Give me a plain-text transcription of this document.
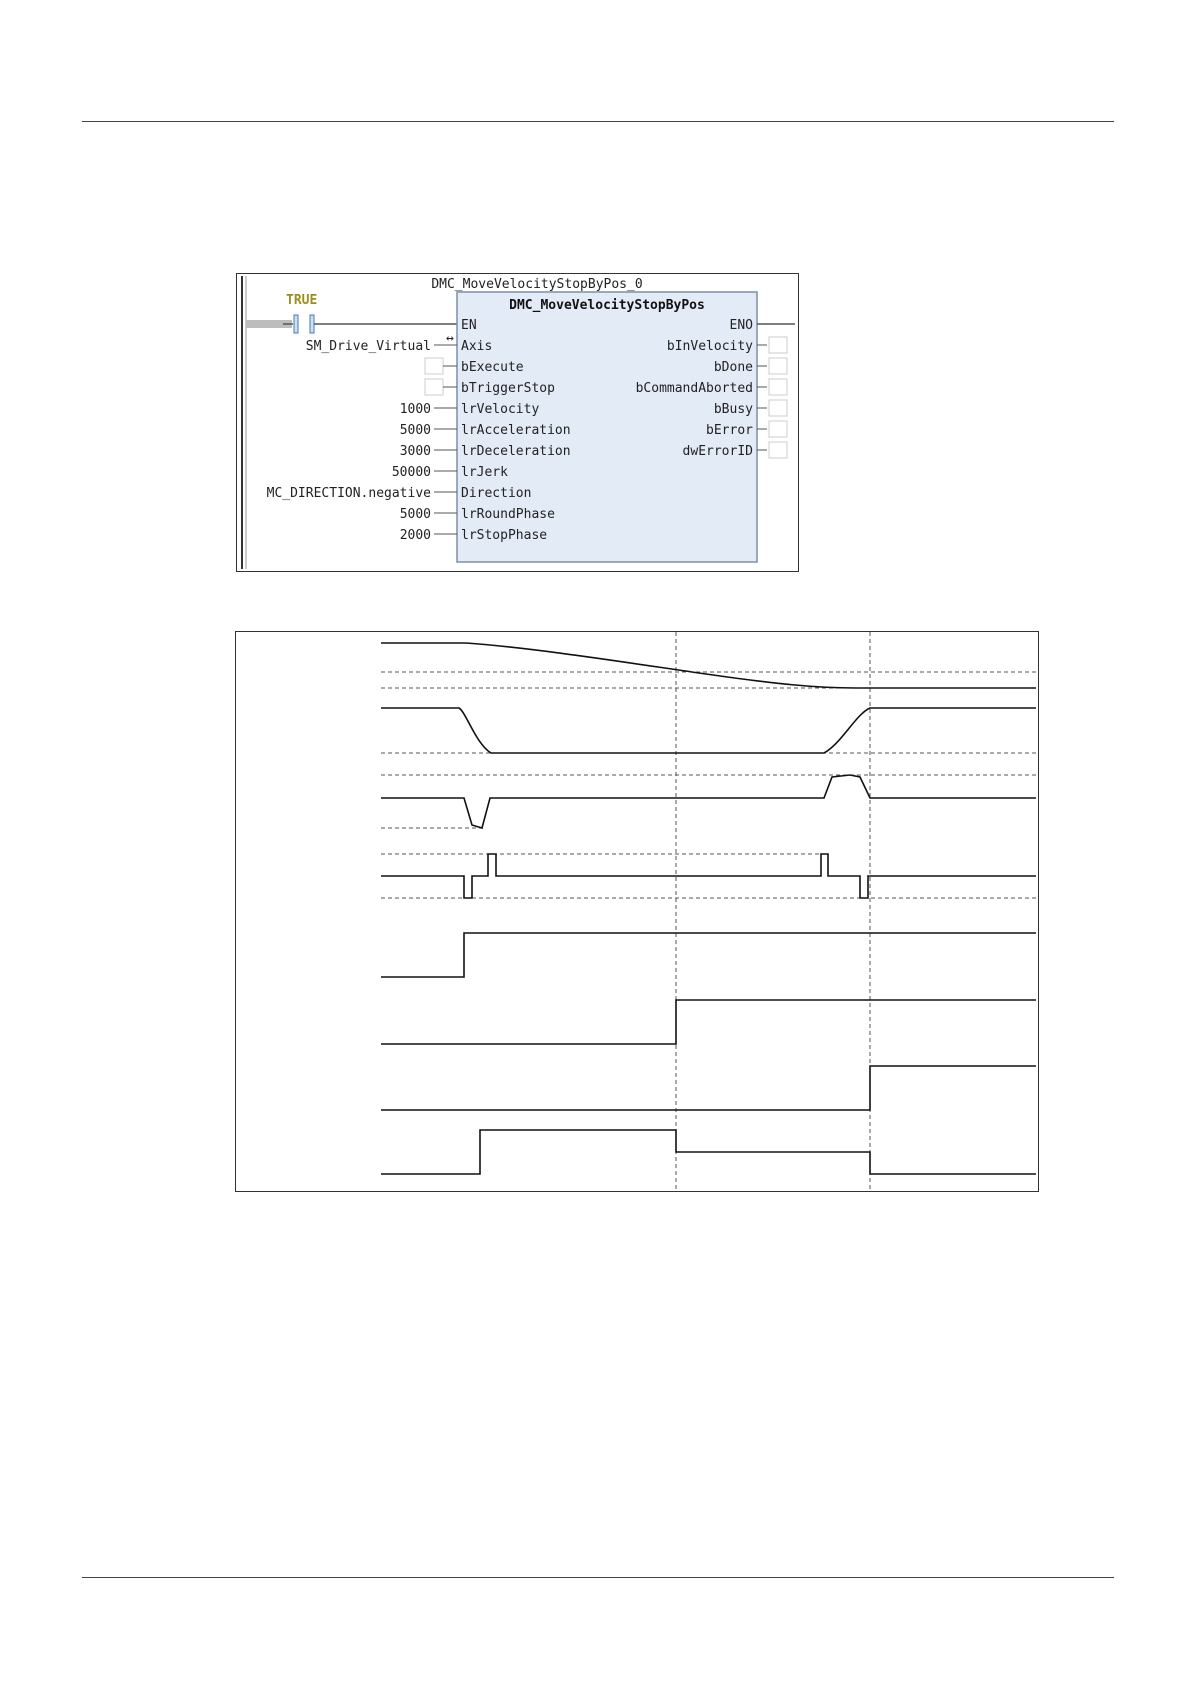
TRUE
DMC_MoveVelocityStopByPos_0
DMC_MoveVelocityStopByPos
EN
SM_Drive_Virtual
↔
Axis
bExecute
bTriggerStop
1000 lrVelocity
5000 lrAcceleration
3000 lrDeceleration
50000 lrJerk
MC_DIRECTION.negative Direction
5000 lrRoundPhase
2000 lrStopPhase
ENO
bInVelocity
bDone
bCommandAborted
bBusy
bError
dwErrorID
